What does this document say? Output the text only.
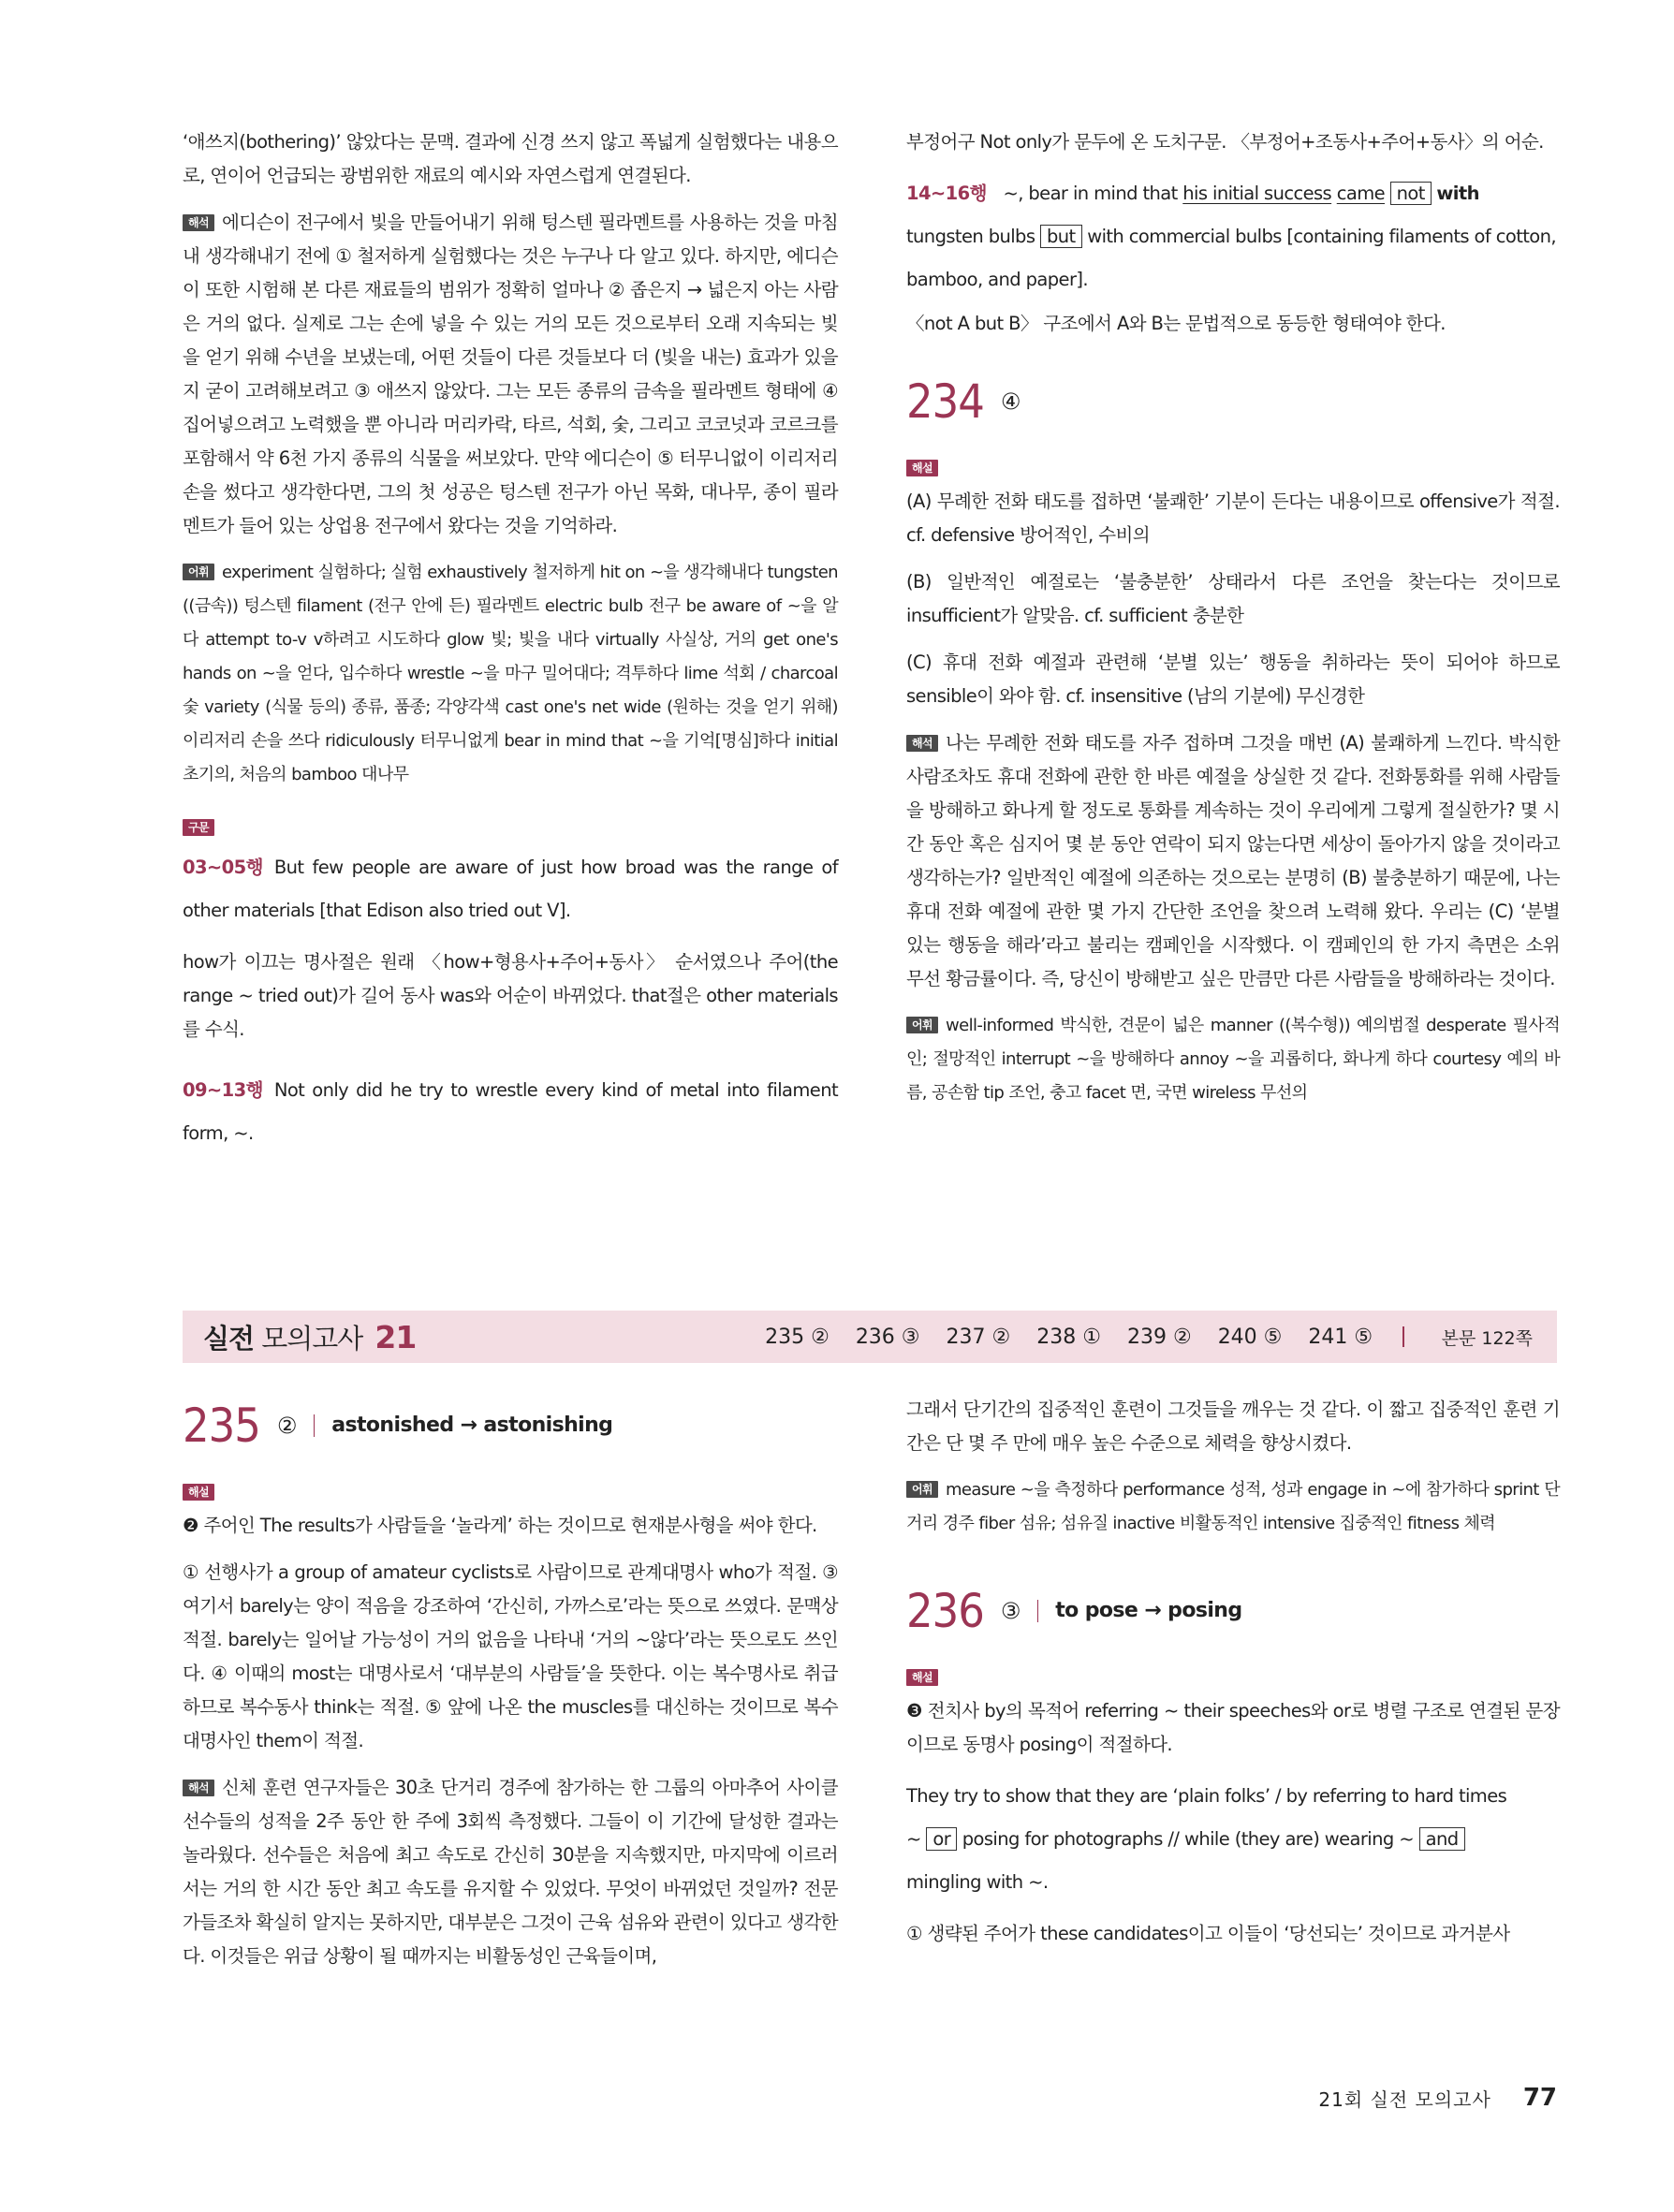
‘애쓰지(bothering)’ 않았다는 문맥. 결과에 신경 쓰지 않고 폭넓게 실험했다는 내용으로, 연이어 언급되는 광범위한 재료의 예시와 자연스럽게 연결된다.

해석 에디슨이 전구에서 빛을 만들어내기 위해 텅스텐 필라멘트를 사용하는 것을 마침내 생각해내기 전에 ① 철저하게 실험했다는 것은 누구나 다 알고 있다. 하지만, 에디슨이 또한 시험해 본 다른 재료들의 범위가 정확히 얼마나 ② 좁은지 → 넓은지 아는 사람은 거의 없다. 실제로 그는 손에 넣을 수 있는 거의 모든 것으로부터 오래 지속되는 빛을 얻기 위해 수년을 보냈는데, 어떤 것들이 다른 것들보다 더 (빛을 내는) 효과가 있을지 굳이 고려해보려고 ③ 애쓰지 않았다. 그는 모든 종류의 금속을 필라멘트 형태에 ④ 집어넣으려고 노력했을 뿐 아니라 머리카락, 타르, 석회, 숯, 그리고 코코넛과 코르크를 포함해서 약 6천 가지 종류의 식물을 써보았다. 만약 에디슨이 ⑤ 터무니없이 이리저리 손을 썼다고 생각한다면, 그의 첫 성공은 텅스텐 전구가 아닌 목화, 대나무, 종이 필라멘트가 들어 있는 상업용 전구에서 왔다는 것을 기억하라.

어휘 experiment 실험하다; 실험 exhaustively 철저하게 hit on ~을 생각해내다 tungsten ((금속)) 텅스텐 filament (전구 안에 든) 필라멘트 electric bulb 전구 be aware of ~을 알다 attempt to-v v하려고 시도하다 glow 빛; 빛을 내다 virtually 사실상, 거의 get one's hands on ~을 얻다, 입수하다 wrestle ~을 마구 밀어대다; 격투하다 lime 석회 / charcoal 숯 variety (식물 등의) 종류, 품종; 각양각색 cast one's net wide (원하는 것을 얻기 위해) 이리저리 손을 쓰다 ridiculously 터무니없게 bear in mind that ~을 기억[명심]하다 initial 초기의, 처음의 bamboo 대나무

구문

03~05행 But few people are aware of just how broad was the range of other materials [that Edison also tried out V].

how가 이끄는 명사절은 원래 〈how+형용사+주어+동사〉 순서였으나 주어(the range ~ tried out)가 길어 동사 was와 어순이 바뀌었다. that절은 other materials를 수식.

09~13행 Not only did he try to wrestle every kind of metal into filament form, ~.

부정어구 Not only가 문두에 온 도치구문. 〈부정어+조동사+주어+동사〉의 어순.

14~16행 ~, bear in mind that his initial success came not with
tungsten bulbs but with commercial bulbs [containing filaments of cotton, bamboo, and paper].

〈not A but B〉 구조에서 A와 B는 문법적으로 동등한 형태여야 한다.

234 ④
해설

(A) 무례한 전화 태도를 접하면 ‘불쾌한’ 기분이 든다는 내용이므로 offensive가 적절. cf. defensive 방어적인, 수비의

(B) 일반적인 예절로는 ‘불충분한’ 상태라서 다른 조언을 찾는다는 것이므로 insufficient가 알맞음. cf. sufficient 충분한

(C) 휴대 전화 예절과 관련해 ‘분별 있는’ 행동을 취하라는 뜻이 되어야 하므로 sensible이 와야 함. cf. insensitive (남의 기분에) 무신경한

해석 나는 무례한 전화 태도를 자주 접하며 그것을 매번 (A) 불쾌하게 느낀다. 박식한 사람조차도 휴대 전화에 관한 한 바른 예절을 상실한 것 같다. 전화통화를 위해 사람들을 방해하고 화나게 할 정도로 통화를 계속하는 것이 우리에게 그렇게 절실한가? 몇 시간 동안 혹은 심지어 몇 분 동안 연락이 되지 않는다면 세상이 돌아가지 않을 것이라고 생각하는가? 일반적인 예절에 의존하는 것으로는 분명히 (B) 불충분하기 때문에, 나는 휴대 전화 예절에 관한 몇 가지 간단한 조언을 찾으려 노력해 왔다. 우리는 (C) ‘분별 있는 행동을 해라’라고 불리는 캠페인을 시작했다. 이 캠페인의 한 가지 측면은 소위 무선 황금률이다. 즉, 당신이 방해받고 싶은 만큼만 다른 사람들을 방해하라는 것이다.

어휘 well-informed 박식한, 견문이 넓은 manner ((복수형)) 예의범절 desperate 필사적인; 절망적인 interrupt ~을 방해하다 annoy ~을 괴롭히다, 화나게 하다 courtesy 예의 바름, 공손함 tip 조언, 충고 facet 면, 국면 wireless 무선의

실전 모의고사 21	235 ② 236 ③ 237 ② 238 ① 239 ② 240 ⑤ 241 ⑤	본문 122쪽
235 ② astonished → astonishing
해설

❷ 주어인 The results가 사람들을 ‘놀라게’ 하는 것이므로 현재분사형을 써야 한다.

① 선행사가 a group of amateur cyclists로 사람이므로 관계대명사 who가 적절. ③ 여기서 barely는 양이 적음을 강조하여 ‘간신히, 가까스로’라는 뜻으로 쓰였다. 문맥상 적절. barely는 일어날 가능성이 거의 없음을 나타내 ‘거의 ~않다’라는 뜻으로도 쓰인다. ④ 이때의 most는 대명사로서 ‘대부분의 사람들’을 뜻한다. 이는 복수명사로 취급하므로 복수동사 think는 적절. ⑤ 앞에 나온 the muscles를 대신하는 것이므로 복수대명사인 them이 적절.

해석 신체 훈련 연구자들은 30초 단거리 경주에 참가하는 한 그룹의 아마추어 사이클 선수들의 성적을 2주 동안 한 주에 3회씩 측정했다. 그들이 이 기간에 달성한 결과는 놀라웠다. 선수들은 처음에 최고 속도로 간신히 30분을 지속했지만, 마지막에 이르러서는 거의 한 시간 동안 최고 속도를 유지할 수 있었다. 무엇이 바뀌었던 것일까? 전문가들조차 확실히 알지는 못하지만, 대부분은 그것이 근육 섬유와 관련이 있다고 생각한다. 이것들은 위급 상황이 될 때까지는 비활동성인 근육들이며,

그래서 단기간의 집중적인 훈련이 그것들을 깨우는 것 같다. 이 짧고 집중적인 훈련 기간은 단 몇 주 만에 매우 높은 수준으로 체력을 향상시켰다.

어휘 measure ~을 측정하다 performance 성적, 성과 engage in ~에 참가하다 sprint 단거리 경주 fiber 섬유; 섬유질 inactive 비활동적인 intensive 집중적인 fitness 체력

236 ③ to pose → posing
해설

❸ 전치사 by의 목적어 referring ~ their speeches와 or로 병렬 구조로 연결된 문장이므로 동명사 posing이 적절하다.

They try to show that they are ‘plain folks’ / by referring to hard times
~ or posing for photographs // while (they are) wearing ~ and
mingling with ~.

① 생략된 주어가 these candidates이고 이들이 ‘당선되는’ 것이므로 과거분사

21회 실전 모의고사 77
